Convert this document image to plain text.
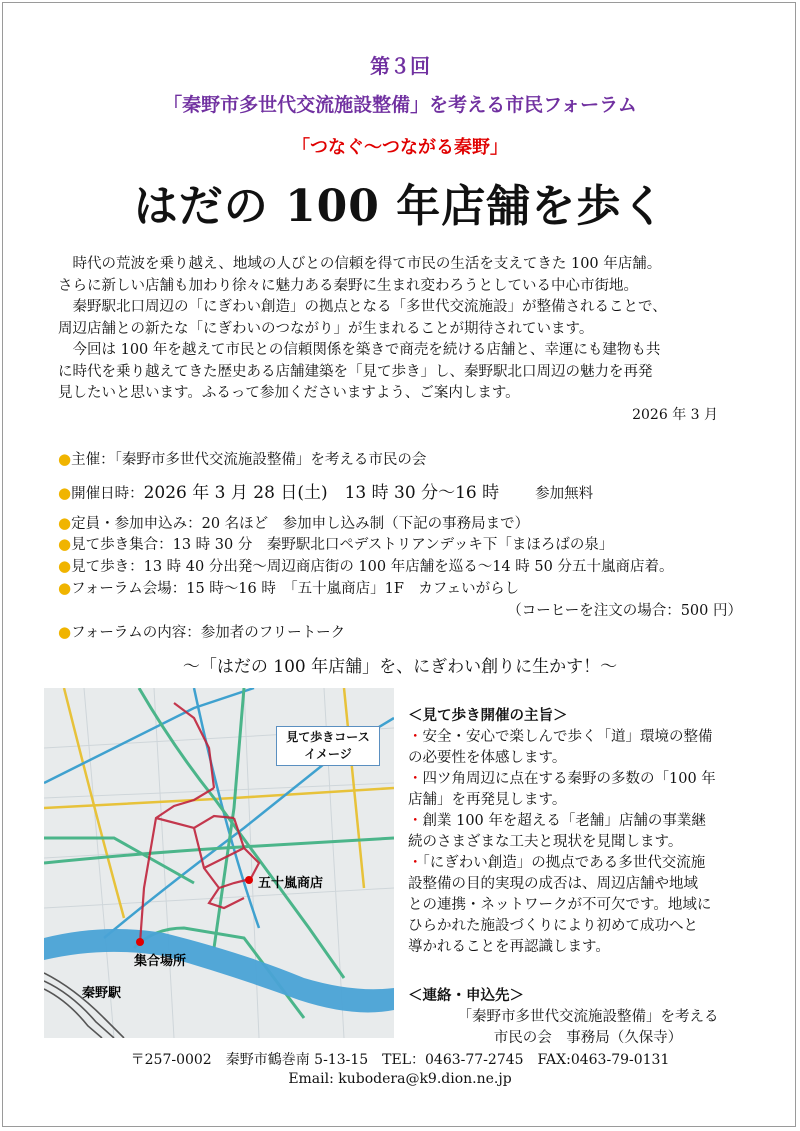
第３回
「秦野市多世代交流施設整備」を考える市民フォーラム
「つなぐ～つながる秦野」
はだの 100 年店舗を歩く

　時代の荒波を乗り越え、地域の人びとの信頼を得て市民の生活を支えてきた 100 年店舗。

さらに新しい店舗も加わり徐々に魅力ある秦野に生まれ変わろうとしている中心市街地。

　秦野駅北口周辺の「にぎわい創造」の拠点となる「多世代交流施設」が整備されることで、

周辺店舗との新たな「にぎわいのつながり」が生まれることが期待されています。

　今回は 100 年を越えて市民との信頼関係を築きで商売を続ける店舗と、幸運にも建物も共

に時代を乗り越えてきた歴史ある店舗建築を「見て歩き」し、秦野駅北口周辺の魅力を再発

見したいと思います。ふるって参加くださいますよう、ご案内します。

2026 年 3 月
●主催：「秦野市多世代交流施設整備」を考える市民の会
●開催日時：2026 年 3 月 28 日(土)　13 時 30 分～16 時 参加無料
●定員・参加申込み：20 名ほど　参加申し込み制（下記の事務局まで）
●見て歩き集合：13 時 30 分　秦野駅北口ペデストリアンデッキ下「まほろばの泉」
●見て歩き：13 時 40 分出発～周辺商店街の 100 年店舗を巡る～14 時 50 分五十嵐商店着。
●フォーラム会場：15 時～16 時　「五十嵐商店」1F　カフェいがらし
（コーヒーを注文の場合：500 円）
●フォーラムの内容：参加者のフリートーク
～「はだの 100 年店舗」を、にぎわい創りに生かす！～
見て歩きコース
イメージ
五十嵐商店
集合場所
秦野駅
＜見て歩き開催の主旨＞
・安全・安心で楽しんで歩く「道」環境の整備
の必要性を体感します。
・四ツ角周辺に点在する秦野の多数の「100 年
店舗」を再発見します。
・創業 100 年を超える「老舗」店舗の事業継
続のさまざまな工夫と現状を見聞します。
・「にぎわい創造」の拠点である多世代交流施
設整備の目的実現の成否は、周辺店舗や地域
との連携・ネットワークが不可欠です。地域に
ひらかれた施設づくりにより初めて成功へと
導かれることを再認識します。
＜連絡・申込先＞
「秦野市多世代交流施設整備」を考える
市民の会　事務局（久保寺）
〒257-0002　秦野市鶴巻南 5-13-15　TEL：0463-77-2745　FAX:0463-79-0131
Email: kubodera@k9.dion.ne.jp
